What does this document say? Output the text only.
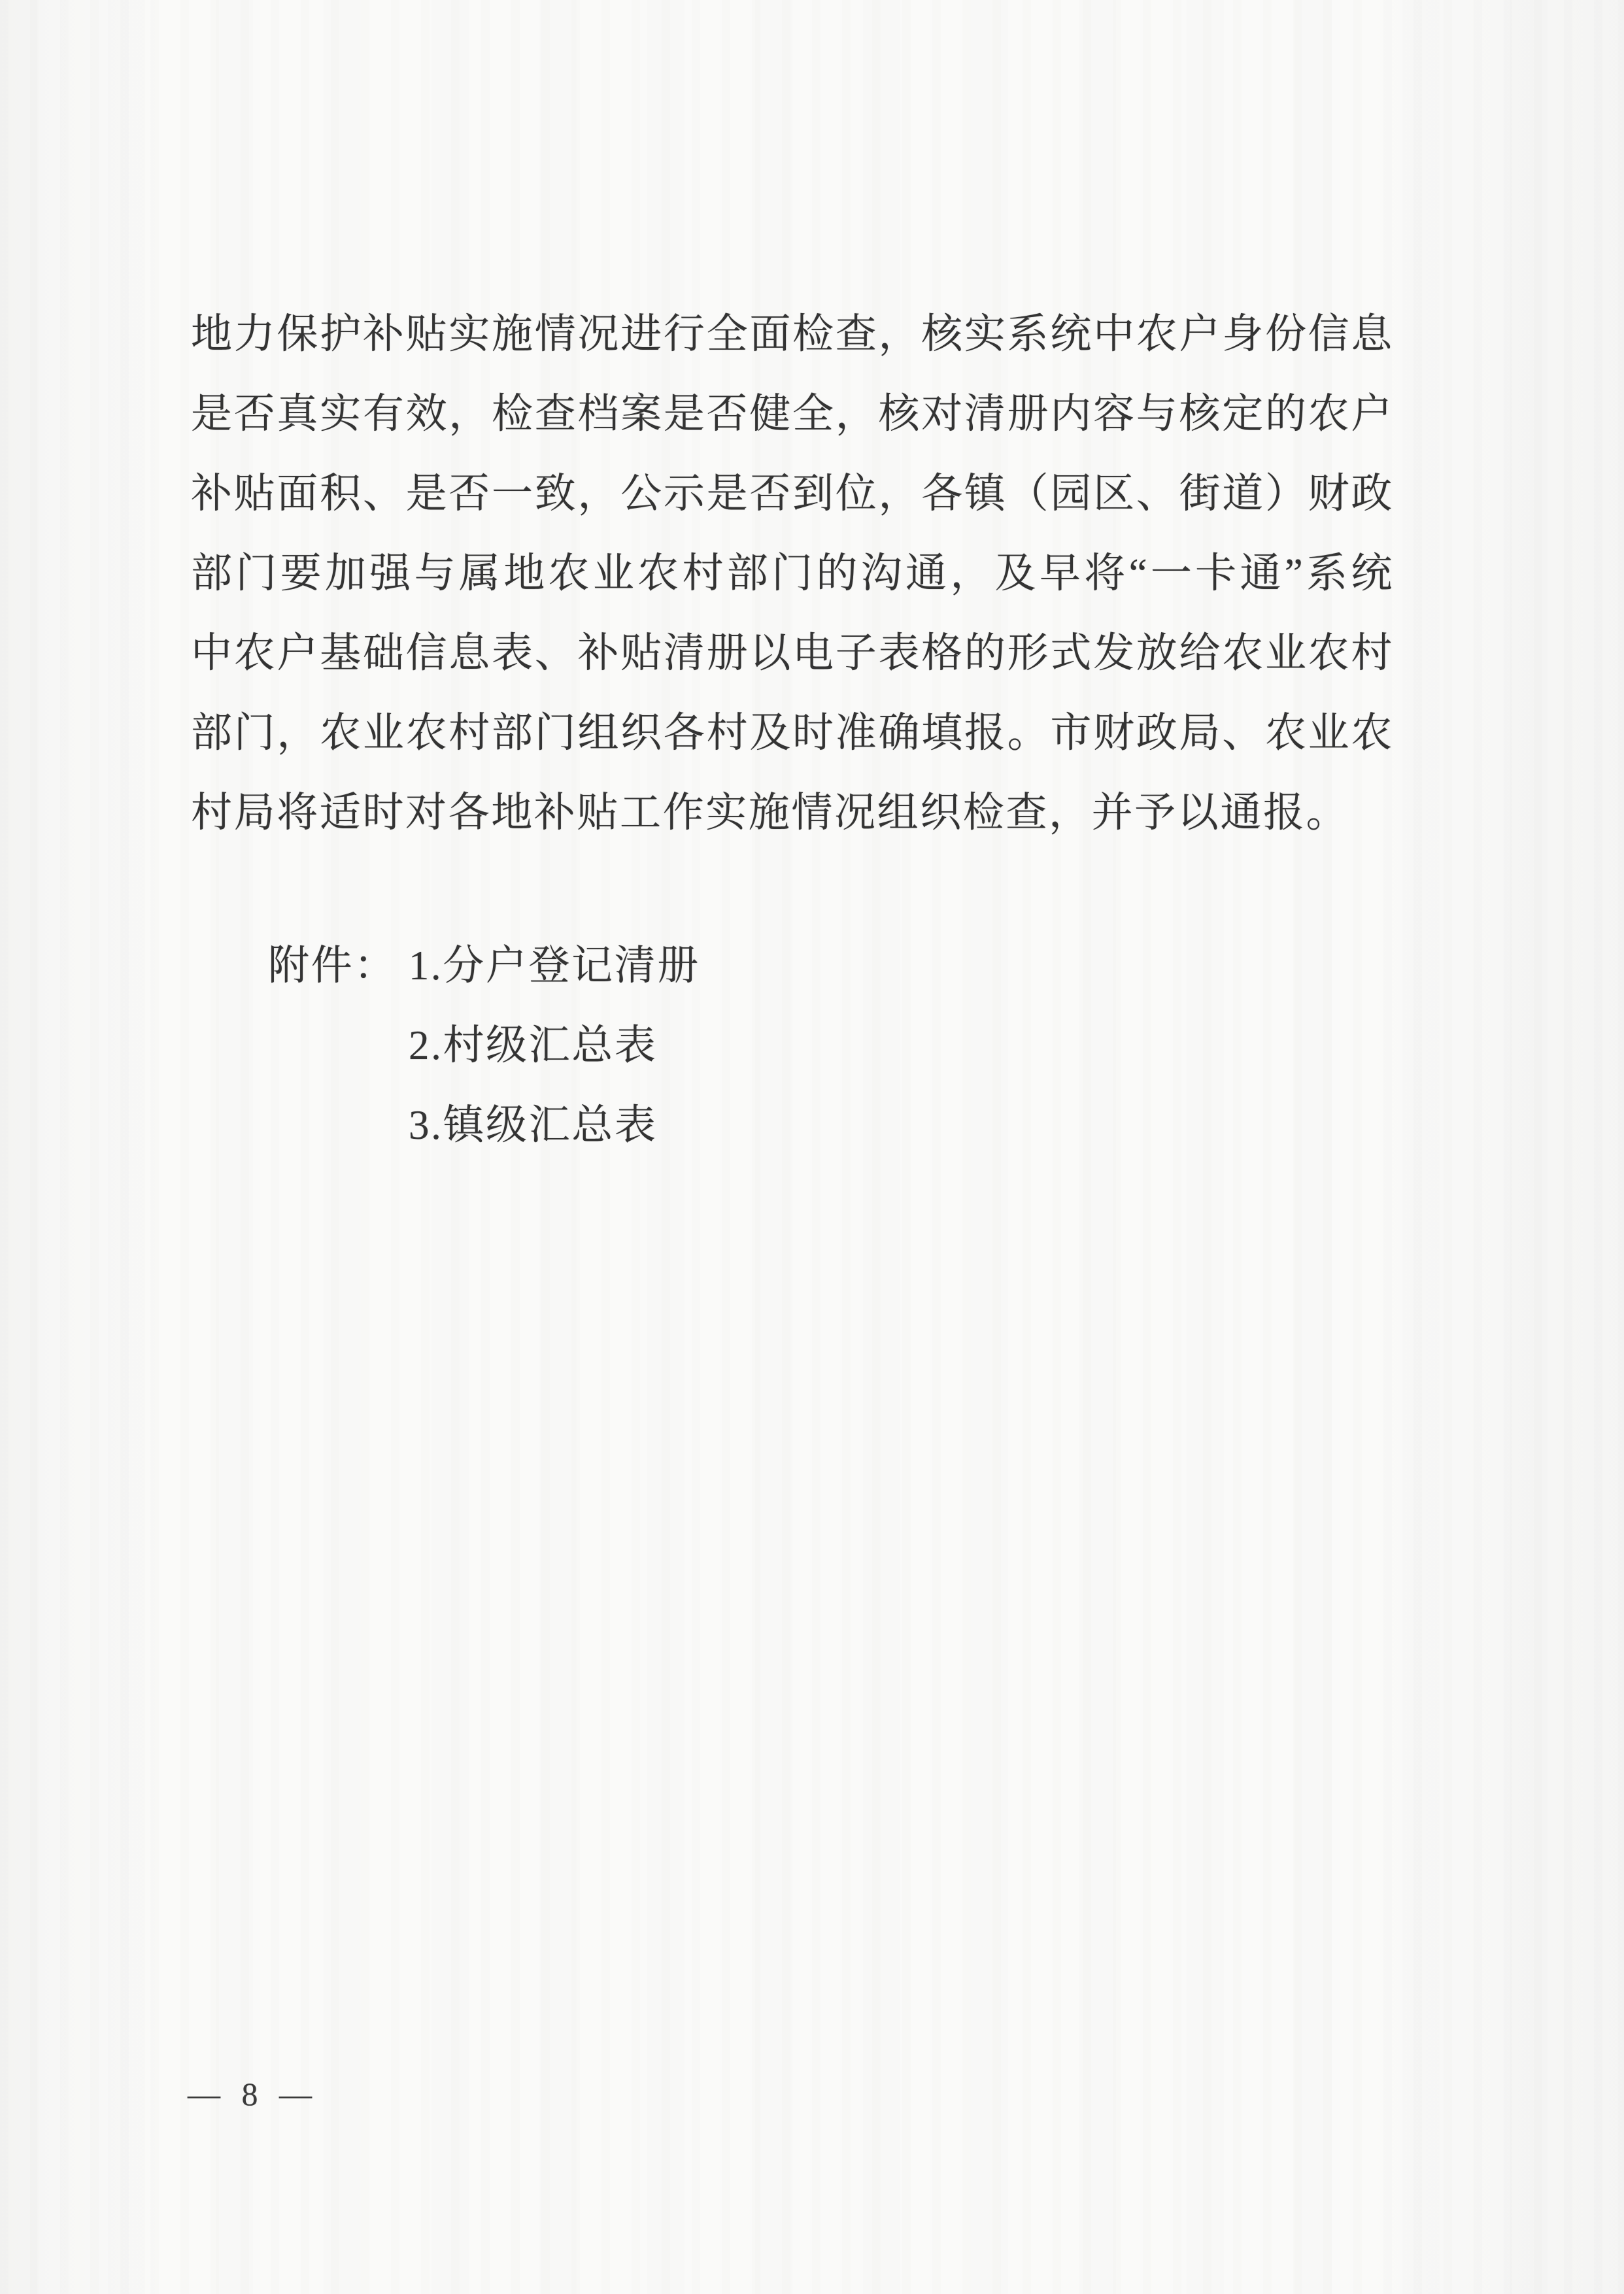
地力保护补贴实施情况进行全面检查，核实系统中农户身份信息
是否真实有效，检查档案是否健全，核对清册内容与核定的农户
补贴面积、是否一致，公示是否到位，各镇（园区、街道）财政
部门要加强与属地农业农村部门的沟通，及早将“一卡通”系统
中农户基础信息表、补贴清册以电子表格的形式发放给农业农村
部门，农业农村部门组织各村及时准确填报。市财政局、农业农
村局将适时对各地补贴工作实施情况组织检查，并予以通报。
附件： 1.分户登记清册
2.村级汇总表
3.镇级汇总表
— 8 —
